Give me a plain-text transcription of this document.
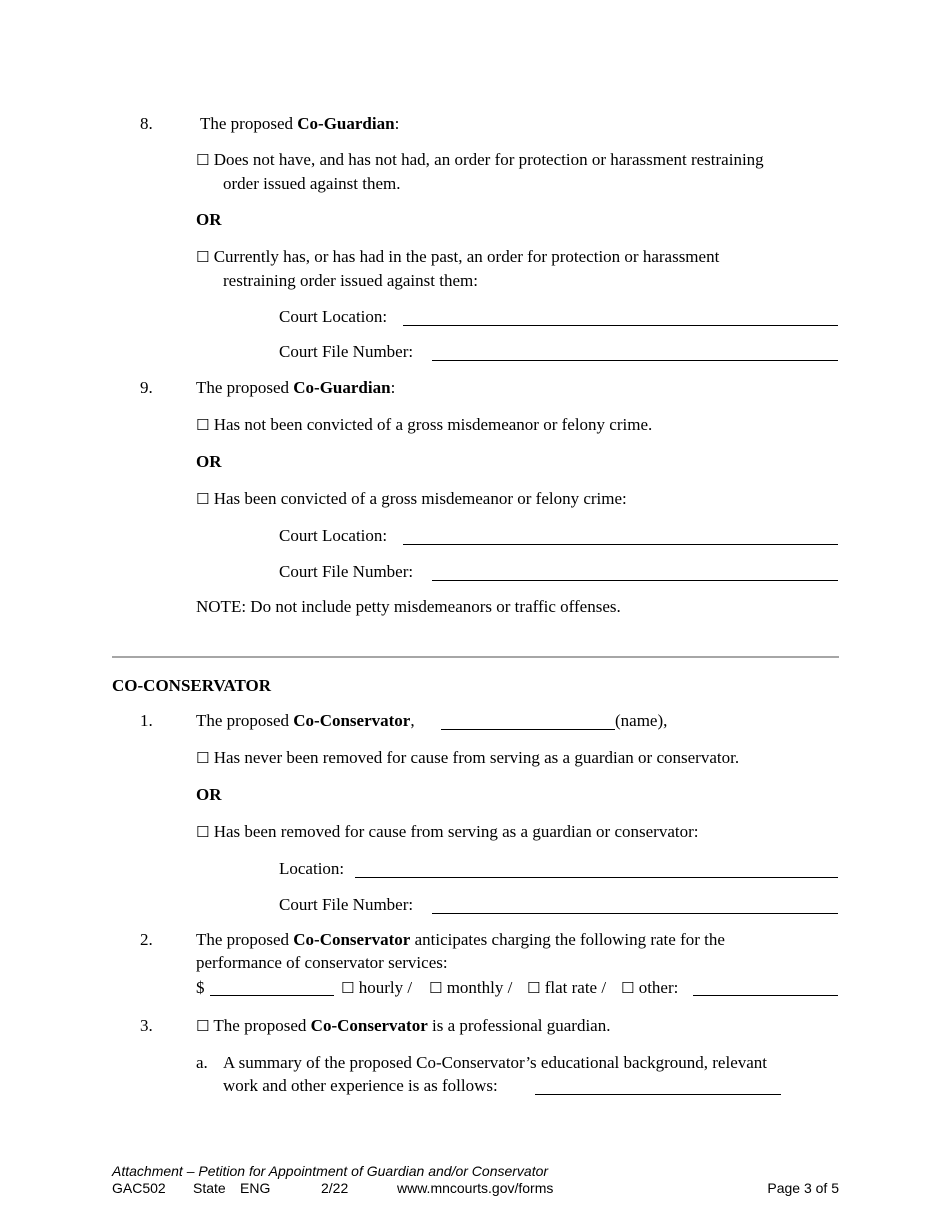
8.	The proposed Co-Guardian:
☐ Does not have, and has not had, an order for protection or harassment restraining
order issued against them.
OR
☐ Currently has, or has had in the past, an order for protection or harassment
restraining order issued against them:
Court Location:
Court File Number:
9.	The proposed Co-Guardian:
☐ Has not been convicted of a gross misdemeanor or felony crime.
OR
☐ Has been convicted of a gross misdemeanor or felony crime:
Court Location:
Court File Number:
NOTE: Do not include petty misdemeanors or traffic offenses.
CO-CONSERVATOR
1.	The proposed Co-Conservator,	(name),
☐ Has never been removed for cause from serving as a guardian or conservator.
OR
☐ Has been removed for cause from serving as a guardian or conservator:
Location:
Court File Number:
2.	The proposed Co-Conservator anticipates charging the following rate for the
performance of conservator services:
$	☐ hourly / ☐ monthly / ☐ flat rate / ☐ other:
3.	☐ The proposed Co-Conservator is a professional guardian.
a. A summary of the proposed Co-Conservator’s educational background, relevant
work and other experience is as follows:
Attachment – Petition for Appointment of Guardian and/or Conservator
GAC502 State ENG	2/22	www.mncourts.gov/forms	Page 3 of 5
